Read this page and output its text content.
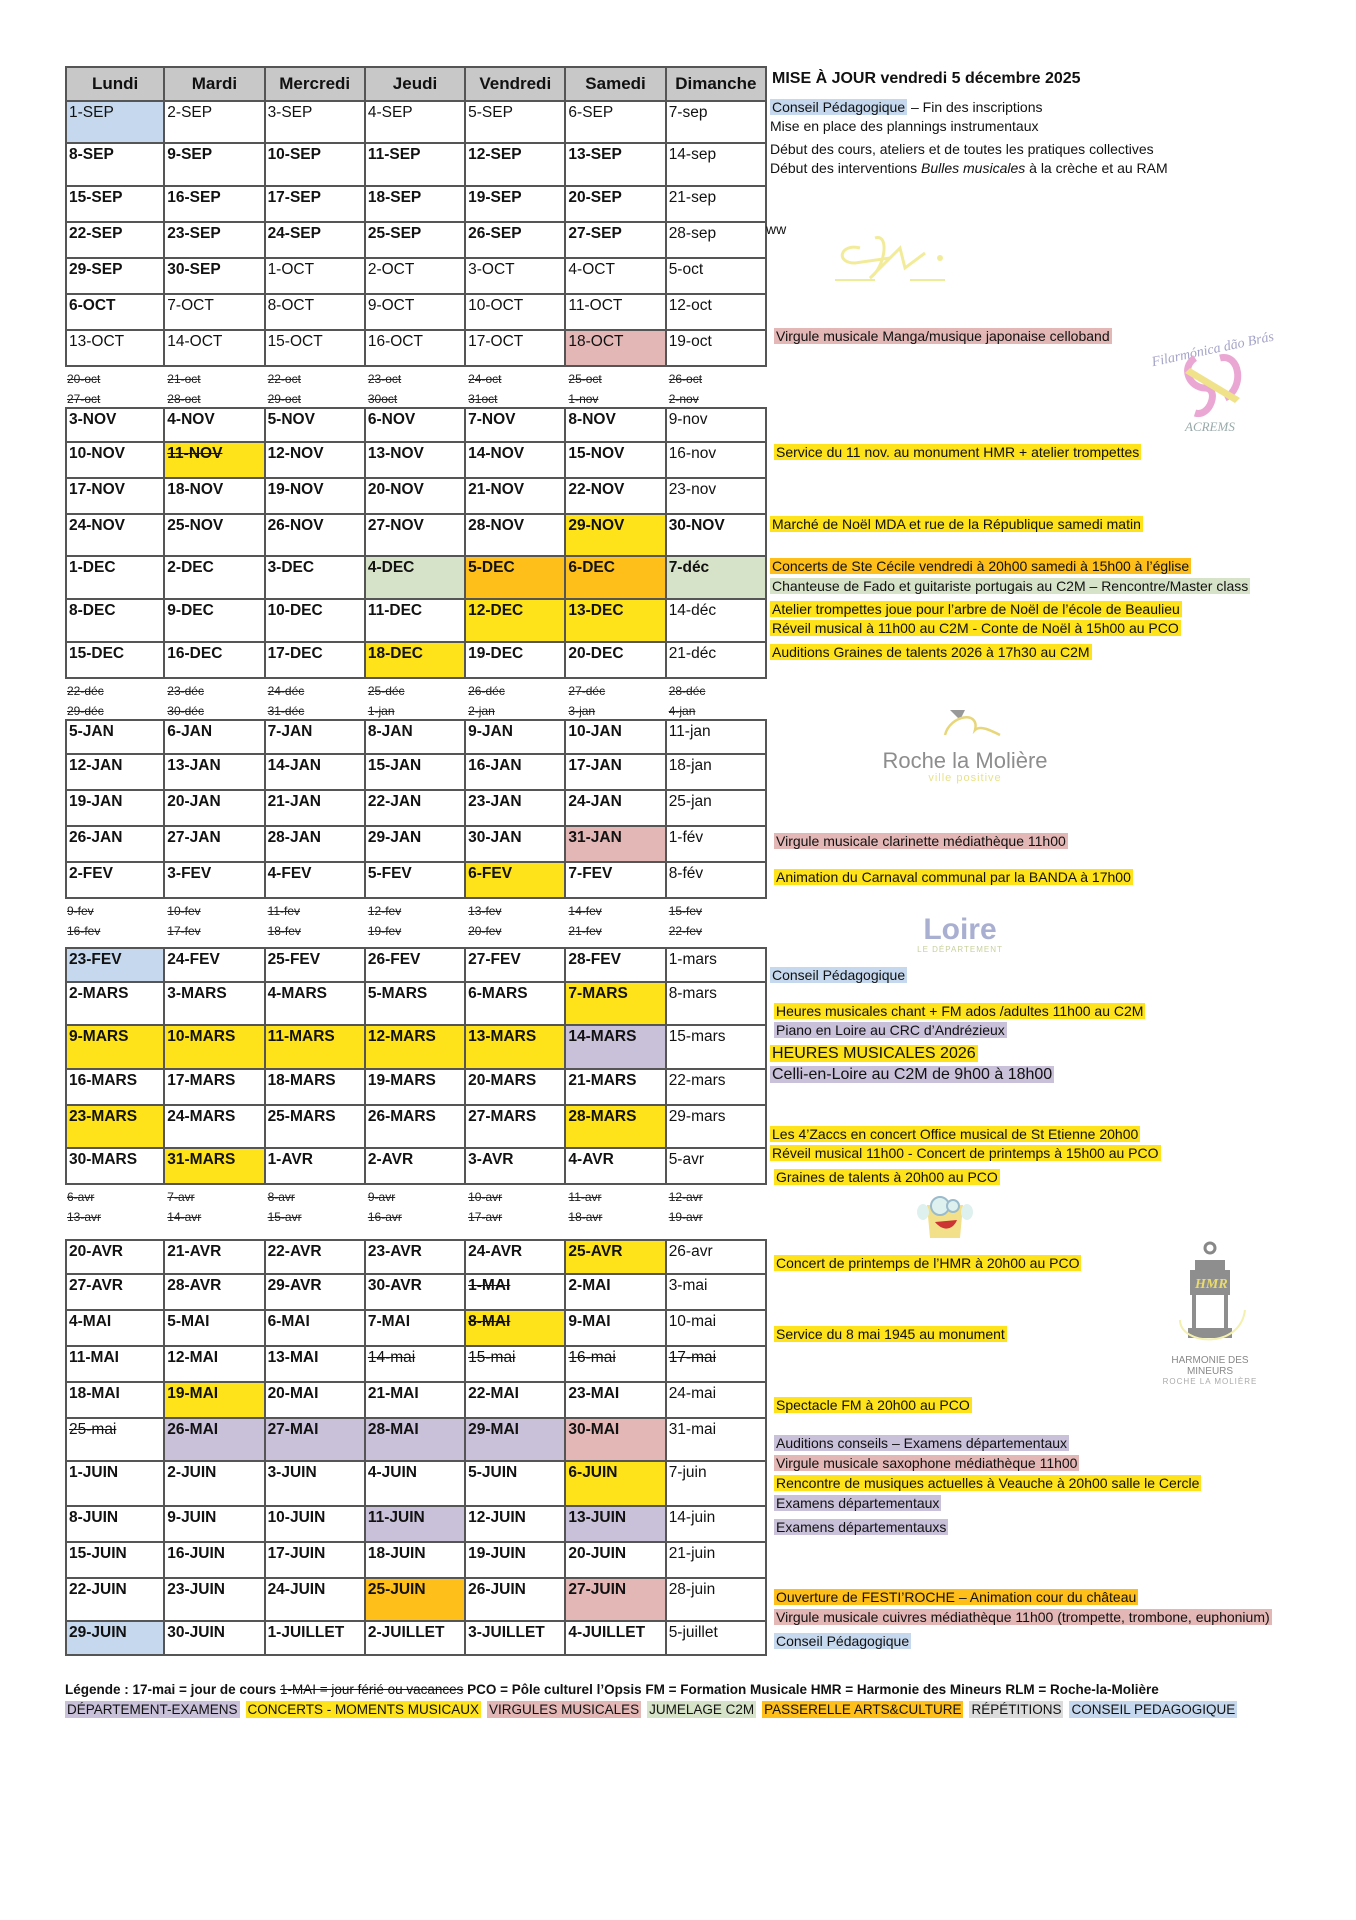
Lundi	Mardi	Mercredi	Jeudi	Vendredi	Samedi	Dimanche
1-SEP	2-SEP	3-SEP	4-SEP	5-SEP	6-SEP	7-sep
8-SEP	9-SEP	10-SEP	11-SEP	12-SEP	13-SEP	14-sep
15-SEP	16-SEP	17-SEP	18-SEP	19-SEP	20-SEP	21-sep
22-SEP	23-SEP	24-SEP	25-SEP	26-SEP	27-SEP	28-sep
29-SEP	30-SEP	1-OCT	2-OCT	3-OCT	4-OCT	5-oct
6-OCT	7-OCT	8-OCT	9-OCT	10-OCT	11-OCT	12-oct
13-OCT	14-OCT	15-OCT	16-OCT	17-OCT	18-OCT	19-oct
20-oct	21-oct	22-oct	23-oct	24-oct	25-oct	26-oct
27-oct	28-oct	29-oct	30oct	31oct	1-nov	2-nov
3-NOV	4-NOV	5-NOV	6-NOV	7-NOV	8-NOV	9-nov
10-NOV	11-NOV	12-NOV	13-NOV	14-NOV	15-NOV	16-nov
17-NOV	18-NOV	19-NOV	20-NOV	21-NOV	22-NOV	23-nov
24-NOV	25-NOV	26-NOV	27-NOV	28-NOV	29-NOV	30-NOV
1-DEC	2-DEC	3-DEC	4-DEC	5-DEC	6-DEC	7-déc
8-DEC	9-DEC	10-DEC	11-DEC	12-DEC	13-DEC	14-déc
15-DEC	16-DEC	17-DEC	18-DEC	19-DEC	20-DEC	21-déc
22-déc	23-déc	24-déc	25-déc	26-déc	27-déc	28-déc
29-déc	30-déc	31-déc	1-jan	2-jan	3-jan	4-jan
5-JAN	6-JAN	7-JAN	8-JAN	9-JAN	10-JAN	11-jan
12-JAN	13-JAN	14-JAN	15-JAN	16-JAN	17-JAN	18-jan
19-JAN	20-JAN	21-JAN	22-JAN	23-JAN	24-JAN	25-jan
26-JAN	27-JAN	28-JAN	29-JAN	30-JAN	31-JAN	1-fév
2-FEV	3-FEV	4-FEV	5-FEV	6-FEV	7-FEV	8-fév
9-fev	10-fev	11-fev	12-fev	13-fev	14-fev	15-fev
16-fev	17-fev	18-fev	19-fev	20-fev	21-fev	22-fev
23-FEV	24-FEV	25-FEV	26-FEV	27-FEV	28-FEV	1-mars
2-MARS	3-MARS	4-MARS	5-MARS	6-MARS	7-MARS	8-mars
9-MARS	10-MARS	11-MARS	12-MARS	13-MARS	14-MARS	15-mars
16-MARS	17-MARS	18-MARS	19-MARS	20-MARS	21-MARS	22-mars
23-MARS	24-MARS	25-MARS	26-MARS	27-MARS	28-MARS	29-mars
30-MARS	31-MARS	1-AVR	2-AVR	3-AVR	4-AVR	5-avr
6-avr	7-avr	8-avr	9-avr	10-avr	11-avr	12-avr
13-avr	14-avr	15-avr	16-avr	17-avr	18-avr	19-avr
20-AVR	21-AVR	22-AVR	23-AVR	24-AVR	25-AVR	26-avr
27-AVR	28-AVR	29-AVR	30-AVR	1-MAI	2-MAI	3-mai
4-MAI	5-MAI	6-MAI	7-MAI	8-MAI	9-MAI	10-mai
11-MAI	12-MAI	13-MAI	14-mai	15-mai	16-mai	17-mai
18-MAI	19-MAI	20-MAI	21-MAI	22-MAI	23-MAI	24-mai
25-mai	26-MAI	27-MAI	28-MAI	29-MAI	30-MAI	31-mai
1-JUIN	2-JUIN	3-JUIN	4-JUIN	5-JUIN	6-JUIN	7-juin
8-JUIN	9-JUIN	10-JUIN	11-JUIN	12-JUIN	13-JUIN	14-juin
15-JUIN	16-JUIN	17-JUIN	18-JUIN	19-JUIN	20-JUIN	21-juin
22-JUIN	23-JUIN	24-JUIN	25-JUIN	26-JUIN	27-JUIN	28-juin
29-JUIN	30-JUIN	1-JUILLET	2-JUILLET	3-JUILLET	4-JUILLET	5-juillet
MISE À JOUR vendredi 5 décembre 2025
Conseil Pédagogique – Fin des inscriptions
Mise en place des plannings instrumentaux
Début des cours, ateliers et de toutes les pratiques collectives
Début des interventions Bulles musicales à la crèche et au RAM
ww
Virgule musicale Manga/musique japonaise celloband
Service du 11 nov. au monument HMR + atelier trompettes
Marché de Noël MDA et rue de la République samedi matin
Concerts de Ste Cécile vendredi à 20h00 samedi à 15h00 à l’église
Chanteuse de Fado et guitariste portugais au C2M – Rencontre/Master class
Atelier trompettes joue pour l’arbre de Noël de l’école de Beaulieu
Réveil musical à 11h00 au C2M - Conte de Noël à 15h00 au PCO
Auditions Graines de talents 2026 à 17h30 au C2M
Virgule musicale clarinette médiathèque 11h00
Animation du Carnaval communal par la BANDA à 17h00
Conseil Pédagogique
Heures musicales chant + FM ados /adultes 11h00 au C2M
Piano en Loire au CRC d’Andrézieux
HEURES MUSICALES 2026
Celli-en-Loire au C2M de 9h00 à 18h00
Les 4’Zaccs en concert Office musical de St Etienne 20h00
Réveil musical 11h00 - Concert de printemps à 15h00 au PCO
Graines de talents à 20h00 au PCO
Concert de printemps de l’HMR à 20h00 au PCO
Service du 8 mai 1945 au monument
Spectacle FM à 20h00 au PCO
Auditions conseils – Examens départementaux
Virgule musicale saxophone médiathèque 11h00
Rencontre de musiques actuelles à Veauche à 20h00 salle le Cercle
Examens départementaux
Examens départementauxs
Ouverture de FESTI’ROCHE – Animation cour du château
Virgule musicale cuivres médiathèque 11h00 (trompette, trombone, euphonium)
Conseil Pédagogique
Filarmónica dão Brás
ACREMS
Roche la Molière
ville positive
Loire
LE DÉPARTEMENT
HMR
HARMONIE DES MINEURS
ROCHE LA MOLIÈRE
Légende : 17-mai = jour de cours 1-MAI = jour férié ou vacances PCO = Pôle culturel l’Opsis FM = Formation Musicale HMR = Harmonie des Mineurs RLM = Roche-la-Molière
DÉPARTEMENT-EXAMENS CONCERTS - MOMENTS MUSICAUX VIRGULES MUSICALES JUMELAGE C2M PASSERELLE ARTS&CULTURE RÉPÉTITIONS CONSEIL PEDAGOGIQUE
